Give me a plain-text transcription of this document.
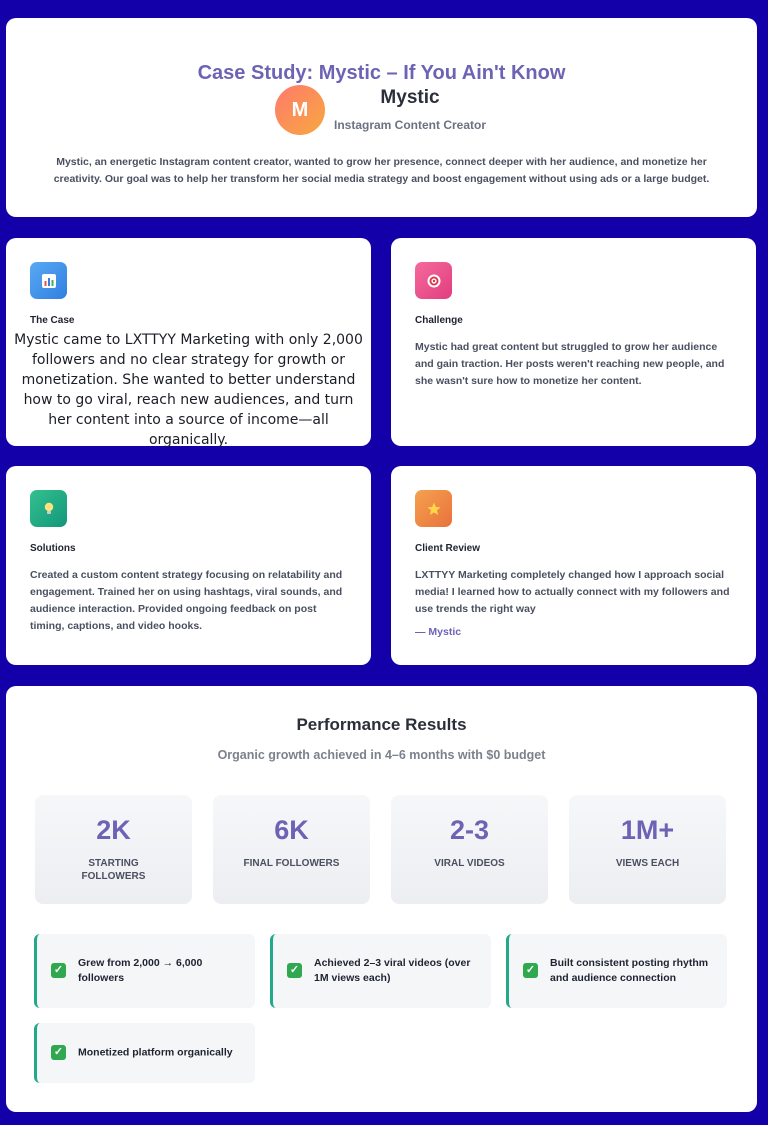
Case Study: Mystic – If You Ain't Know
M
Mystic
Instagram Content Creator
Mystic, an energetic Instagram content creator, wanted to grow her presence, connect deeper with her audience, and monetize her creativity. Our goal was to help her transform her social media strategy and boost engagement without using ads or a large budget.
The Case
Mystic came to LXTTYY Marketing with only 2,000 followers and no clear strategy for growth or monetization. She wanted to better understand how to go viral, reach new audiences, and turn her content into a source of income—all organically.
Challenge
Mystic had great content but struggled to grow her audience and gain traction. Her posts weren't reaching new people, and she wasn't sure how to monetize her content.
Solutions
Created a custom content strategy focusing on relatability and engagement. Trained her on using hashtags, viral sounds, and audience interaction. Provided ongoing feedback on post timing, captions, and video hooks.
Client Review
LXTTYY Marketing completely changed how I approach social media! I learned how to actually connect with my followers and use trends the right way
— Mystic
Performance Results
Organic growth achieved in 4–6 months with $0 budget
2K
STARTING FOLLOWERS
6K
FINAL FOLLOWERS
2-3
VIRAL VIDEOS
1M+
VIEWS EACH
✓
Grew from 2,000 → 6,000 followers
✓
Achieved 2–3 viral videos (over 1M views each)
✓
Built consistent posting rhythm and audience connection
✓ Monetized platform organically
